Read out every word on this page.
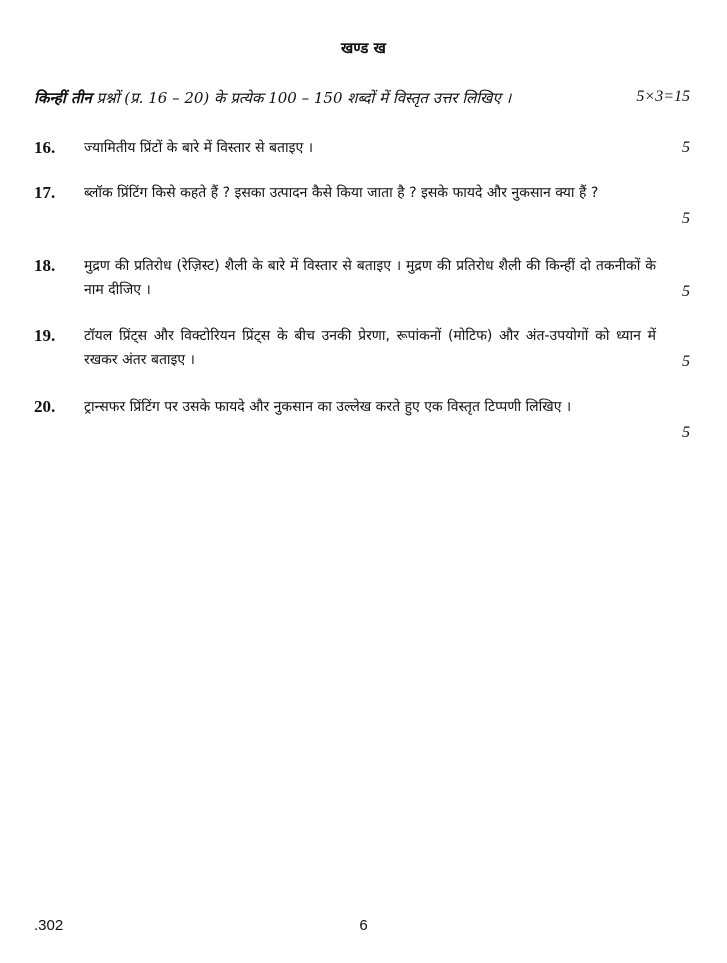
खण्ड ख
किन्हीं तीन प्रश्नों (प्र. 16 – 20) के प्रत्येक 100 – 150 शब्दों में विस्तृत उत्तर लिखिए ।	5×3=15
16. ज्यामितीय प्रिंटों के बारे में विस्तार से बताइए ।	5
17. ब्लॉक प्रिंटिंग किसे कहते हैं ? इसका उत्पादन कैसे किया जाता है ? इसके फायदे और नुकसान क्या हैं ?
5
18. मुद्रण की प्रतिरोध (रेज़िस्ट) शैली के बारे में विस्तार से बताइए । मुद्रण की प्रतिरोध शैली की किन्हीं दो तकनीकों के नाम दीजिए ।	5
19. टॉयल प्रिंट्स और विक्टोरियन प्रिंट्स के बीच उनकी प्रेरणा, रूपांकनों (मोटिफ) और अंत-उपयोगों को ध्यान में रखकर अंतर बताइए ।	5
20. ट्रान्सफर प्रिंटिंग पर उसके फायदे और नुकसान का उल्लेख करते हुए एक विस्तृत टिप्पणी लिखिए ।
5
.302	6
